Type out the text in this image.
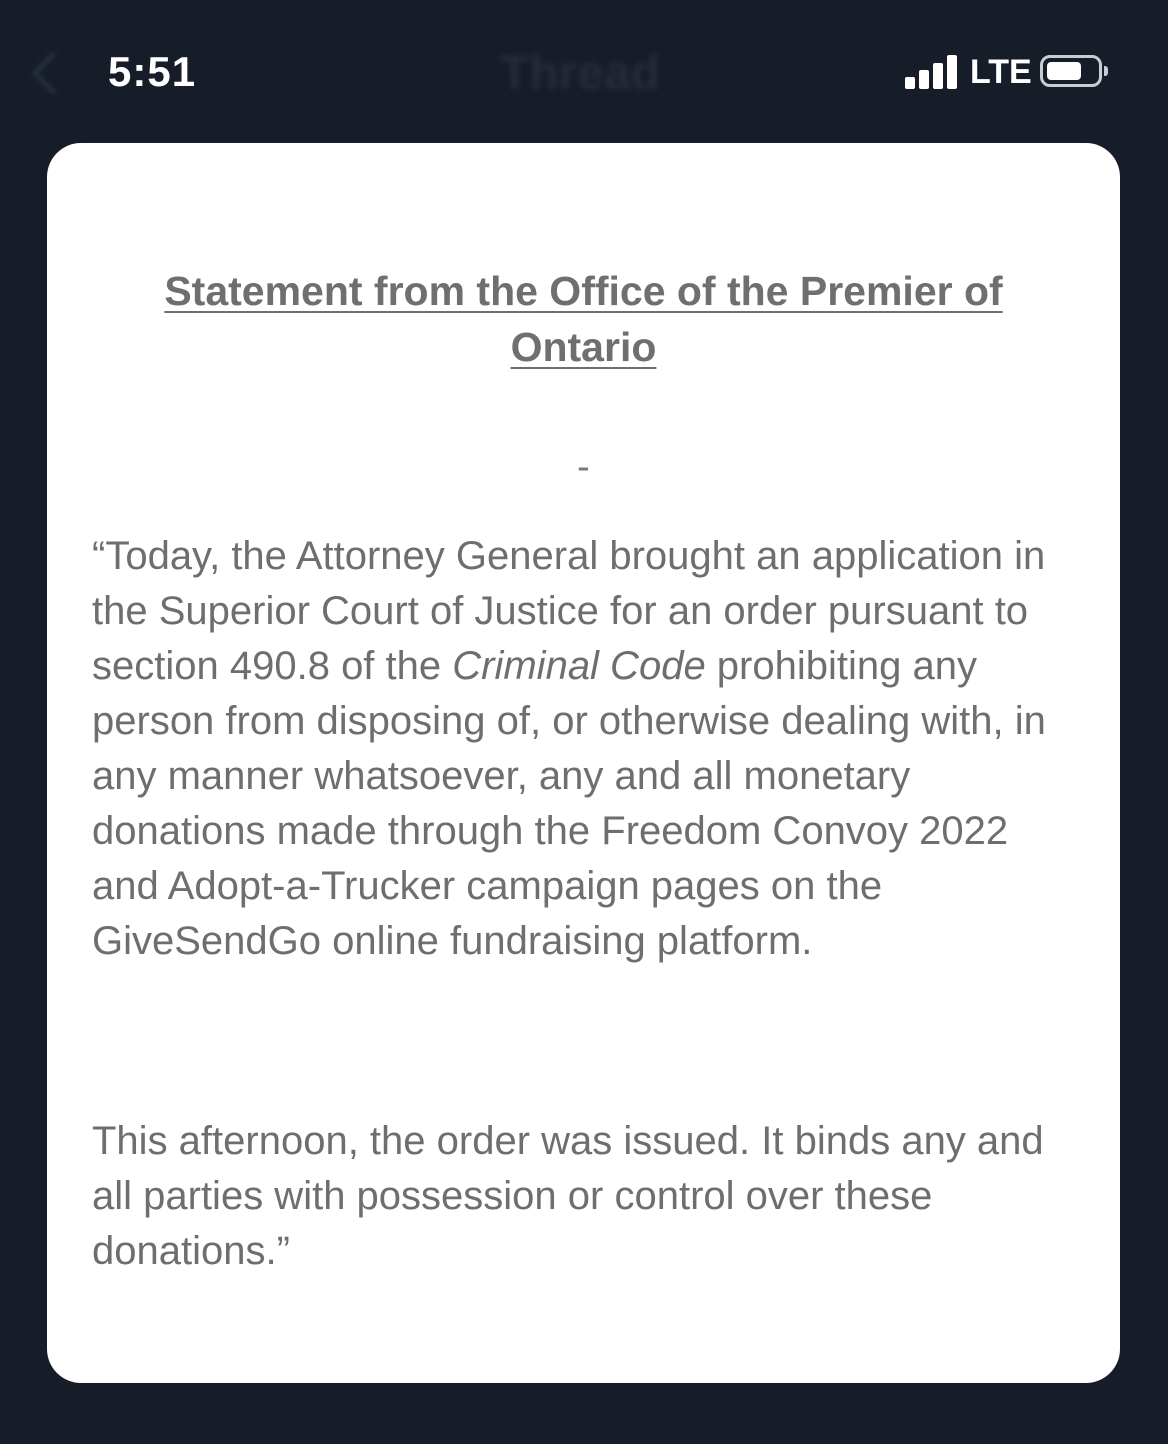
Thread
5:51	LTE
Statement from the Office of the Premier of Ontario
-

“Today, the Attorney General brought an application in the Superior Court of Justice for an order pursuant to section 490.8 of the Criminal Code prohibiting any person from disposing of, or otherwise dealing with, in any manner whatsoever, any and all monetary donations made through the Freedom Convoy 2022 and Adopt-a-Trucker campaign pages on the GiveSendGo online fundraising platform.

This afternoon, the order was issued. It binds any and all parties with possession or control over these donations.”
